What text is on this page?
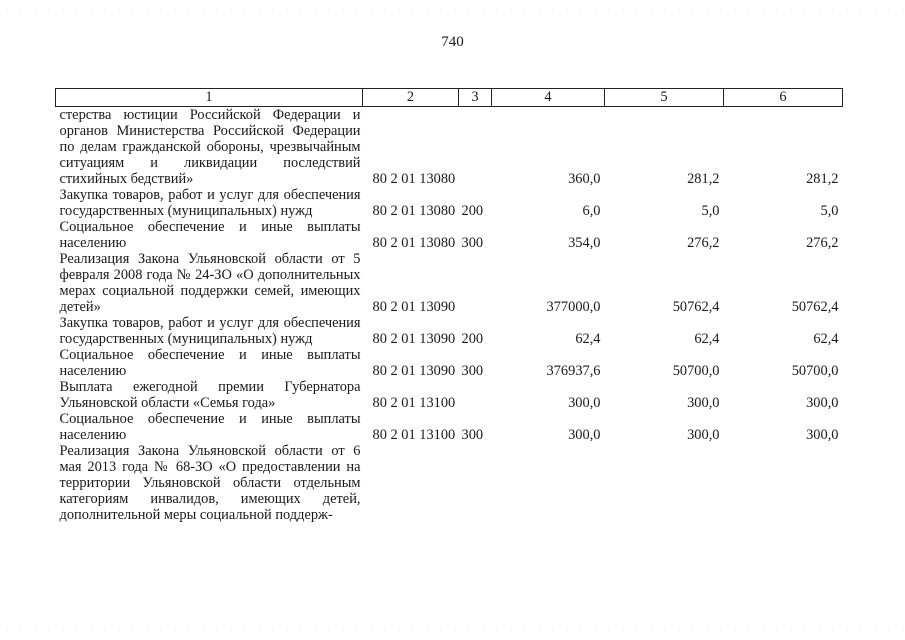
740
1	2	3	4	5	6
стерства юстиции Российской Федерации и органов Министерства Российской Федерации по делам гражданской обороны, чрезвычайным ситуациям и ликвидации последствий стихийных бедствий»	80 2 01 13080		360,0	281,2	281,2
Закупка товаров, работ и услуг для обеспечения государственных (муниципальных) нужд	80 2 01 13080	200	6,0	5,0	5,0
Социальное обеспечение и иные выплаты населению	80 2 01 13080	300	354,0	276,2	276,2
Реализация Закона Ульяновской области от 5 февраля 2008 года № 24-ЗО «О дополнительных мерах социальной поддержки семей, имеющих детей»	80 2 01 13090		377000,0	50762,4	50762,4
Закупка товаров, работ и услуг для обеспечения государственных (муниципальных) нужд	80 2 01 13090	200	62,4	62,4	62,4
Социальное обеспечение и иные выплаты населению	80 2 01 13090	300	376937,6	50700,0	50700,0
Выплата ежегодной премии Губернатора Ульяновской области «Семья года»	80 2 01 13100		300,0	300,0	300,0
Социальное обеспечение и иные выплаты населению	80 2 01 13100	300	300,0	300,0	300,0
Реализация Закона Ульяновской области от 6 мая 2013 года № 68-ЗО «О предоставлении на территории Ульяновской области отдельным категориям инвалидов, имеющих детей, дополнительной меры социальной поддерж-					
